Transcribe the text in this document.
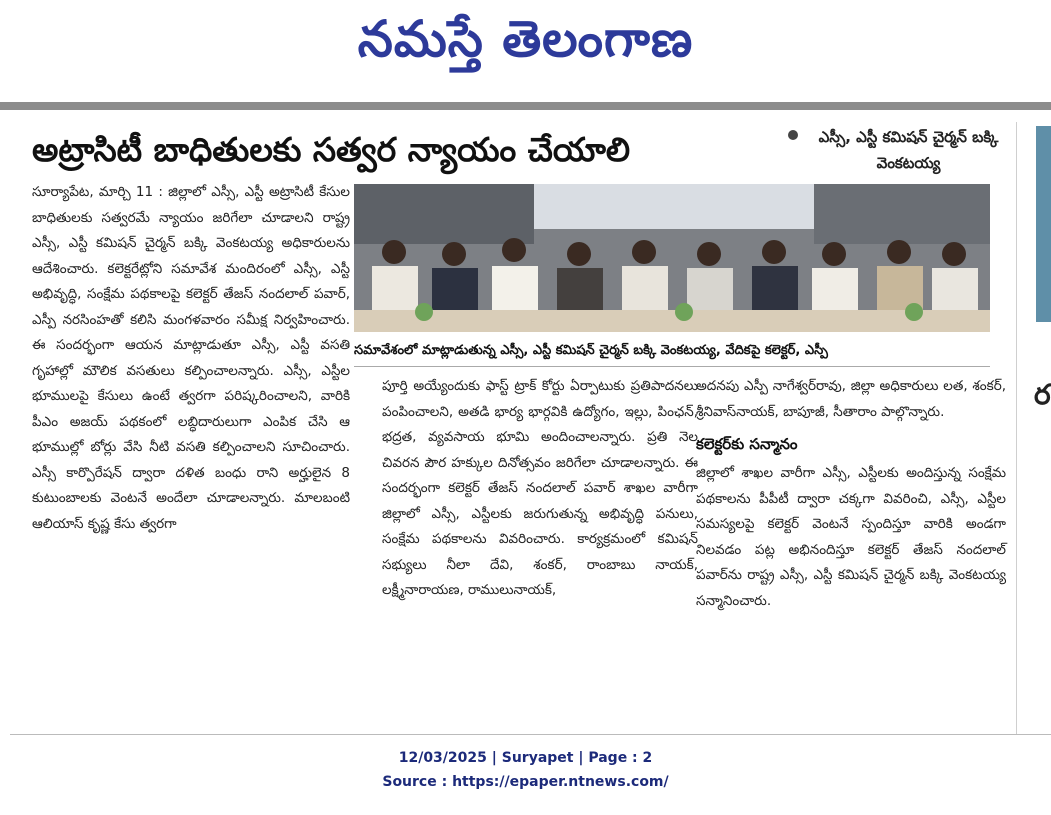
నమస్తే తెలంగాణ
అట్రాసిటీ బాధితులకు సత్వర న్యాయం చేయాలి	ఎస్సీ, ఎస్టీ కమిషన్ చైర్మన్ బక్కి వెంకటయ్య

సూర్యాపేట, మార్చి 11 : జిల్లాలో ఎస్సీ, ఎస్టీ అట్రాసిటీ కేసుల బాధితులకు సత్వరమే న్యాయం జరిగేలా చూడాలని రాష్ట్ర ఎస్సీ, ఎస్టీ కమిషన్ చైర్మన్ బక్కి వెంకటయ్య అధికారులను ఆదేశించారు. కలెక్టరేట్లోని సమావేశ మందిరంలో ఎస్సీ, ఎస్టీ అభివృద్ధి, సంక్షేమ పథకాలపై కలెక్టర్ తేజస్ నందలాల్ పవార్, ఎస్పీ నరసింహతో కలిసి మంగళవారం సమీక్ష నిర్వహించారు. ఈ సందర్భంగా ఆయన మాట్లాడుతూ ఎస్సీ, ఎస్టీ వసతి గృహాల్లో మౌలిక వసతులు కల్పించాలన్నారు. ఎస్సీ, ఎస్టీల భూములపై కేసులు ఉంటే త్వరగా పరిష్కరించాలని, వారికి పీఎం అజయ్ పథకంలో లబ్ధిదారులుగా ఎంపిక చేసి ఆ భూముల్లో బోర్లు వేసి నీటి వసతి కల్పించాలని సూచించారు. ఎస్సీ కార్పొరేషన్ ద్వారా దళిత బంధు రాని అర్హులైన 8 కుటుంబాలకు వెంటనే అందేలా చూడాలన్నారు. మాలబంటి ఆలియాస్ కృష్ణ కేసు త్వరగా

సమావేశంలో మాట్లాడుతున్న ఎస్సీ, ఎస్టీ కమిషన్ చైర్మన్ బక్కి వెంకటయ్య, వేదికపై కలెక్టర్, ఎస్పీ

పూర్తి అయ్యేందుకు ఫాస్ట్ ట్రాక్ కోర్టు ఏర్పాటుకు ప్రతిపాదనలు పంపించాలని, అతడి భార్య భార్గవికి ఉద్యోగం, ఇల్లు, పింఛన్, భద్రత, వ్యవసాయ భూమి అందించాలన్నారు. ప్రతి నెల చివరన పౌర హక్కుల దినోత్సవం జరిగేలా చూడాలన్నారు. ఈ సందర్భంగా కలెక్టర్ తేజస్ నందలాల్ పవార్ శాఖల వారీగా జిల్లాలో ఎస్సీ, ఎస్టీలకు జరుగుతున్న అభివృద్ధి పనులు, సంక్షేమ పథకాలను వివరించారు. కార్యక్రమంలో కమిషన్ సభ్యులు నీలా దేవి, శంకర్, రాంబాబు నాయక్, లక్ష్మీనారాయణ, రాములునాయక్,

అదనపు ఎస్పీ నాగేశ్వర్‌రావు, జిల్లా అధికారులు లత, శంకర్, శ్రీనివాస్‌నాయక్, బాపూజీ, సీతారాం పాల్గొన్నారు.

కలెక్టర్‌కు సన్మానం

జిల్లాలో శాఖల వారీగా ఎస్సీ, ఎస్టీలకు అందిస్తున్న సంక్షేమ పథకాలను పీపీటీ ద్వారా చక్కగా వివరించి, ఎస్సీ, ఎస్టీల సమస్యలపై కలెక్టర్ వెంటనే స్పందిస్తూ వారికి అండగా నిలవడం పట్ల అభినందిస్తూ కలెక్టర్ తేజస్ నందలాల్ పవార్‌ను రాష్ట్ర ఎస్సీ, ఎస్టీ కమిషన్ చైర్మన్ బక్కి వెంకటయ్య సన్మానించారు.

ర
12/03/2025 | Suryapet | Page : 2
Source : https://epaper.ntnews.com/
